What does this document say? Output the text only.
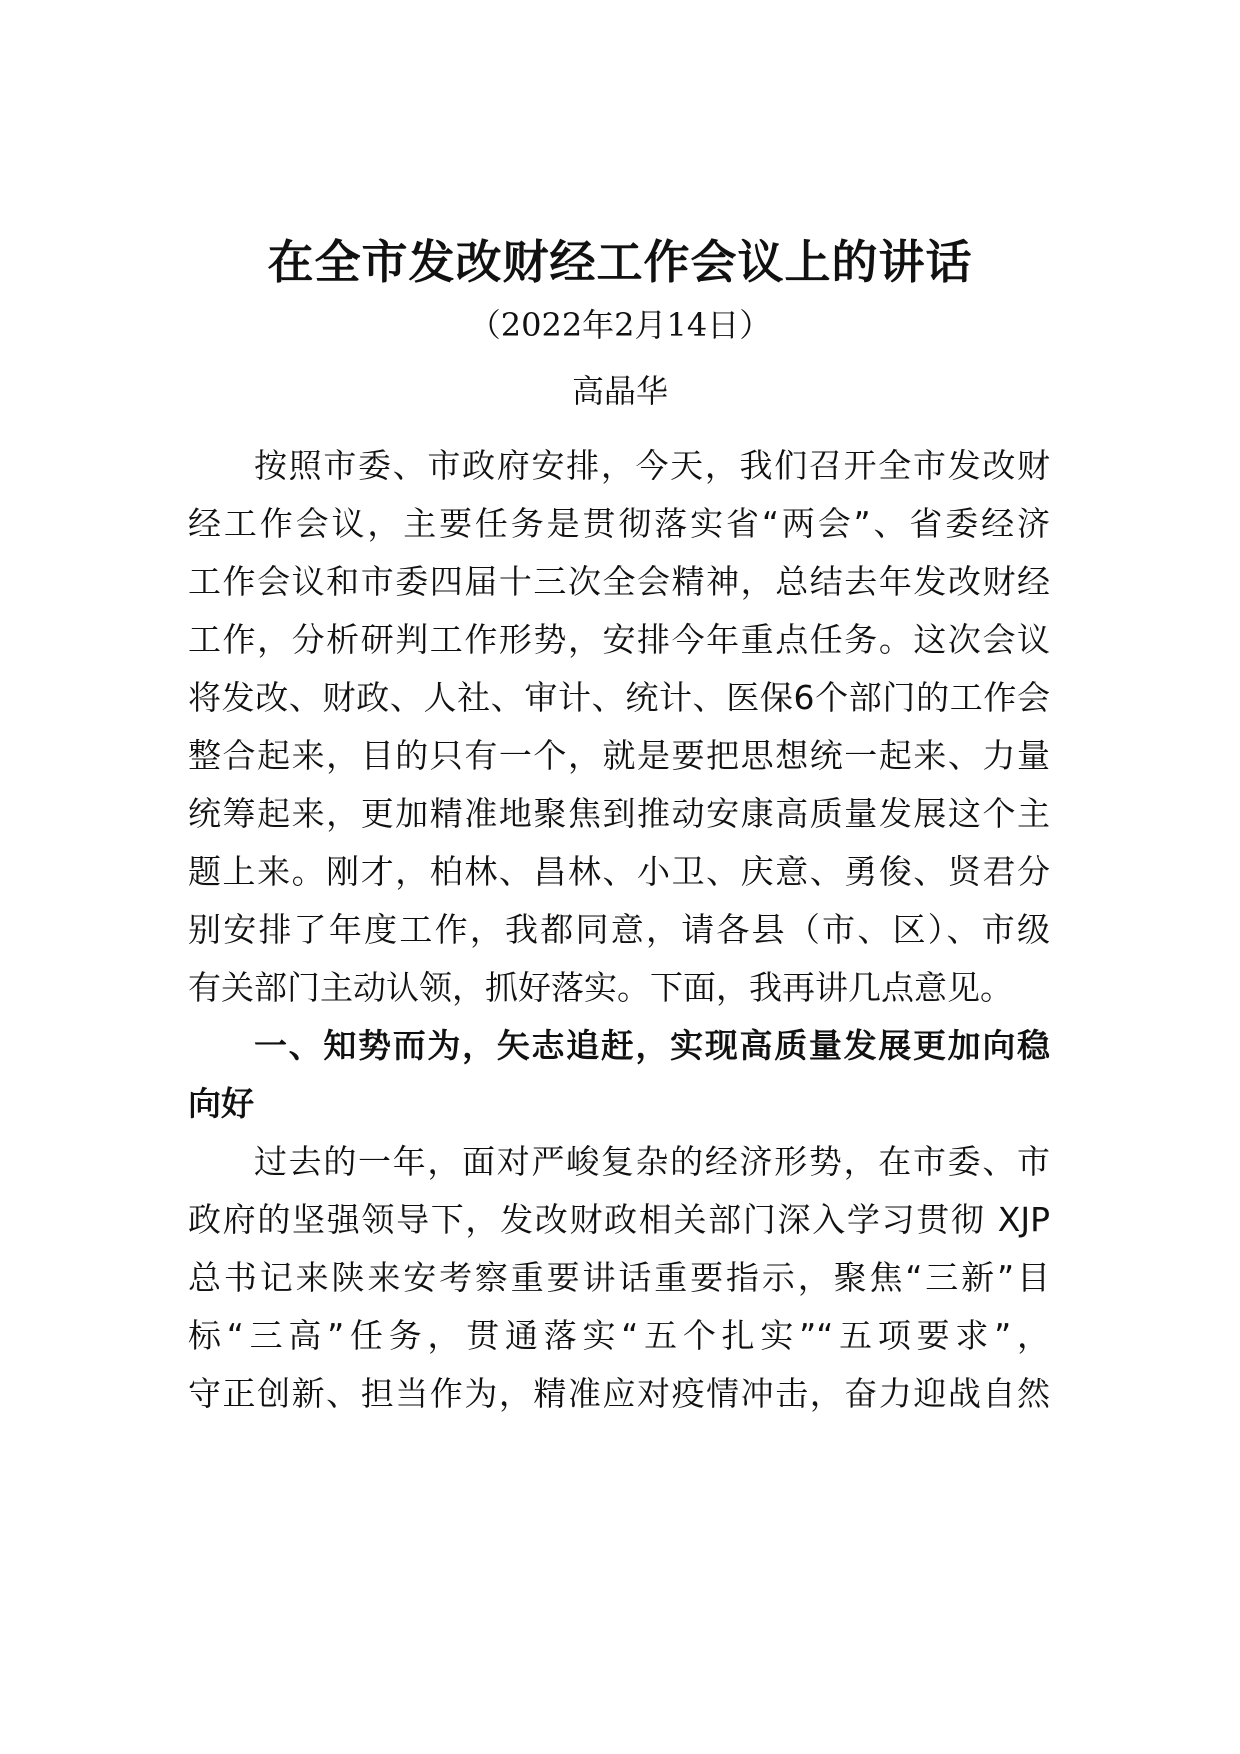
在全市发改财经工作会议上的讲话
（2022年2月14日）
高晶华
按照市委、市政府安排，今天，我们召开全市发改财
经工作会议，主要任务是贯彻落实省“两会”、省委经济
工作会议和市委四届十三次全会精神，总结去年发改财经
工作，分析研判工作形势，安排今年重点任务。这次会议
将发改、财政、人社、审计、统计、医保6个部门的工作会
整合起来，目的只有一个，就是要把思想统一起来、力量
统筹起来，更加精准地聚焦到推动安康高质量发展这个主
题上来。刚才，柏林、昌林、小卫、庆意、勇俊、贤君分
别安排了年度工作，我都同意，请各县（市、区）、市级
有关部门主动认领，抓好落实。下面，我再讲几点意见。
一、知势而为，矢志追赶，实现高质量发展更加向稳
向好
过去的一年，面对严峻复杂的经济形势，在市委、市
政府的坚强领导下，发改财政相关部门深入学习贯彻 XJP
总书记来陕来安考察重要讲话重要指示，聚焦“三新”目
标“三高”任务，贯通落实“五个扎实”“五项要求”，
守正创新、担当作为，精准应对疫情冲击，奋力迎战自然
